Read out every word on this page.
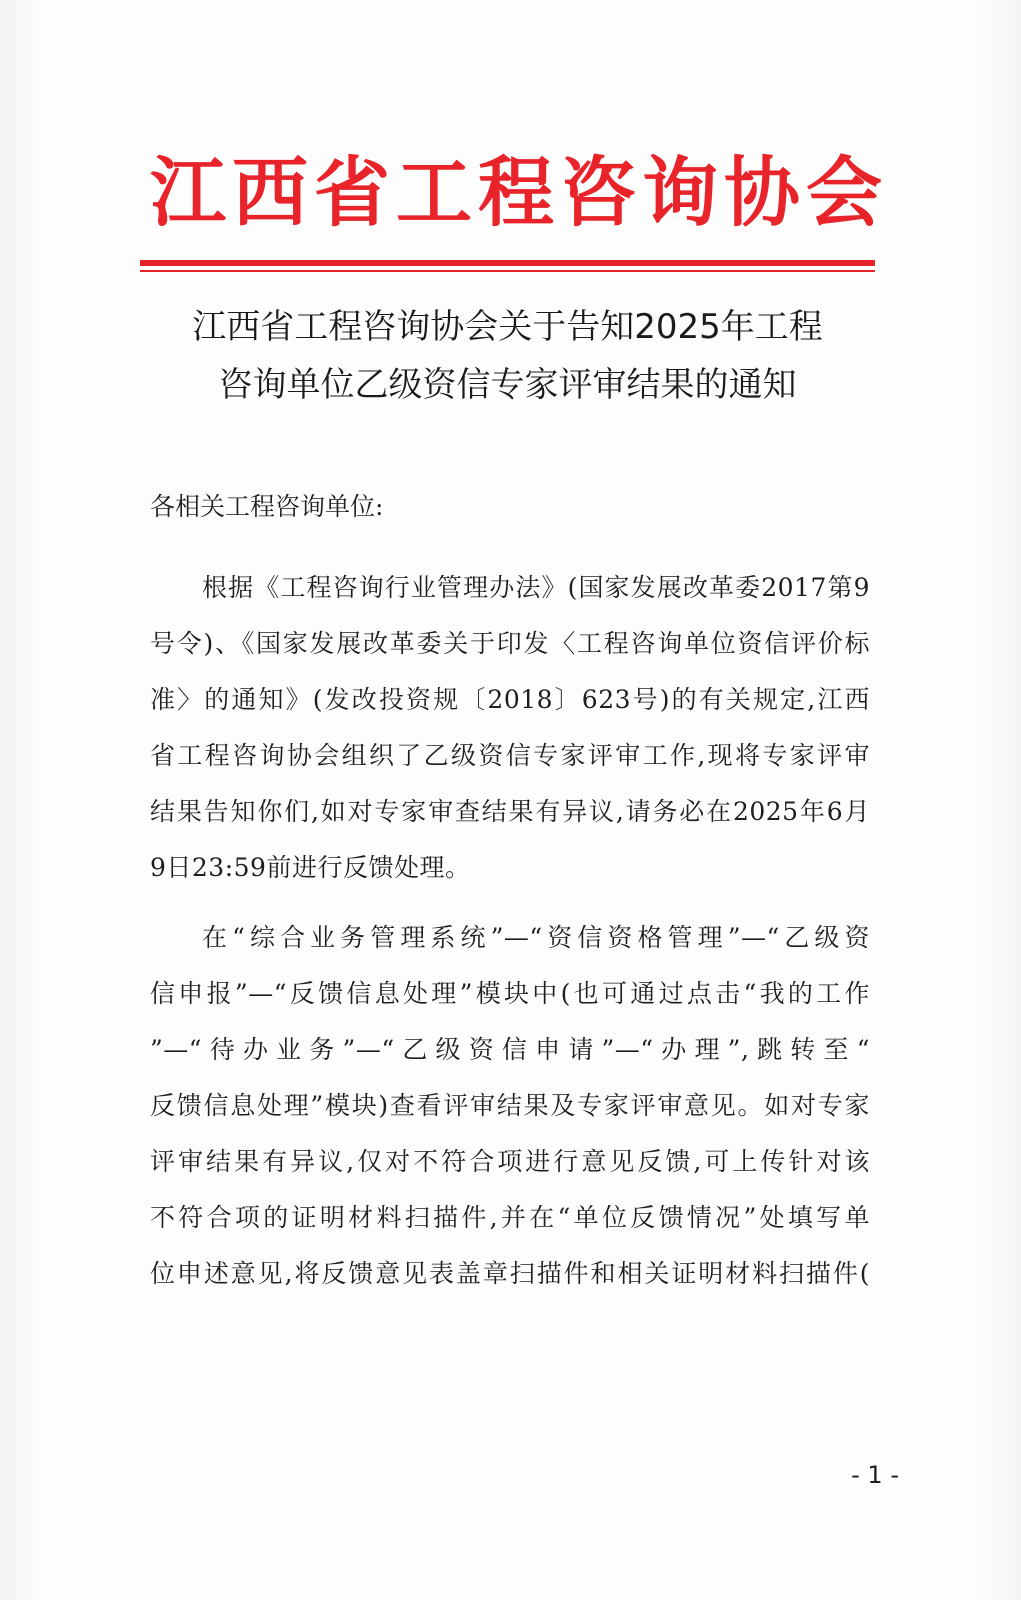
江西省工程咨询协会
江西省工程咨询协会关于告知2025年工程
咨询单位乙级资信专家评审结果的通知
各相关工程咨询单位:
根据《工程咨询行业管理办法》(国家发展改革委2017第9
号令)、《国家发展改革委关于印发〈工程咨询单位资信评价标
准〉的通知》(发改投资规〔2018〕623号)的有关规定,江西
省工程咨询协会组织了乙级资信专家评审工作,现将专家评审
结果告知你们,如对专家审查结果有异议,请务必在2025年6月
9日23:59前进行反馈处理。
在“综合业务管理系统”—“资信资格管理”—“乙级资
信申报”—“反馈信息处理”模块中(也可通过点击“我的工作
”—“待办业务”—“乙级资信申请”—“办理”,跳转至“
反馈信息处理”模块)查看评审结果及专家评审意见。如对专家
评审结果有异议,仅对不符合项进行意见反馈,可上传针对该
不符合项的证明材料扫描件,并在“单位反馈情况”处填写单
位申述意见,将反馈意见表盖章扫描件和相关证明材料扫描件(
- 1 -
